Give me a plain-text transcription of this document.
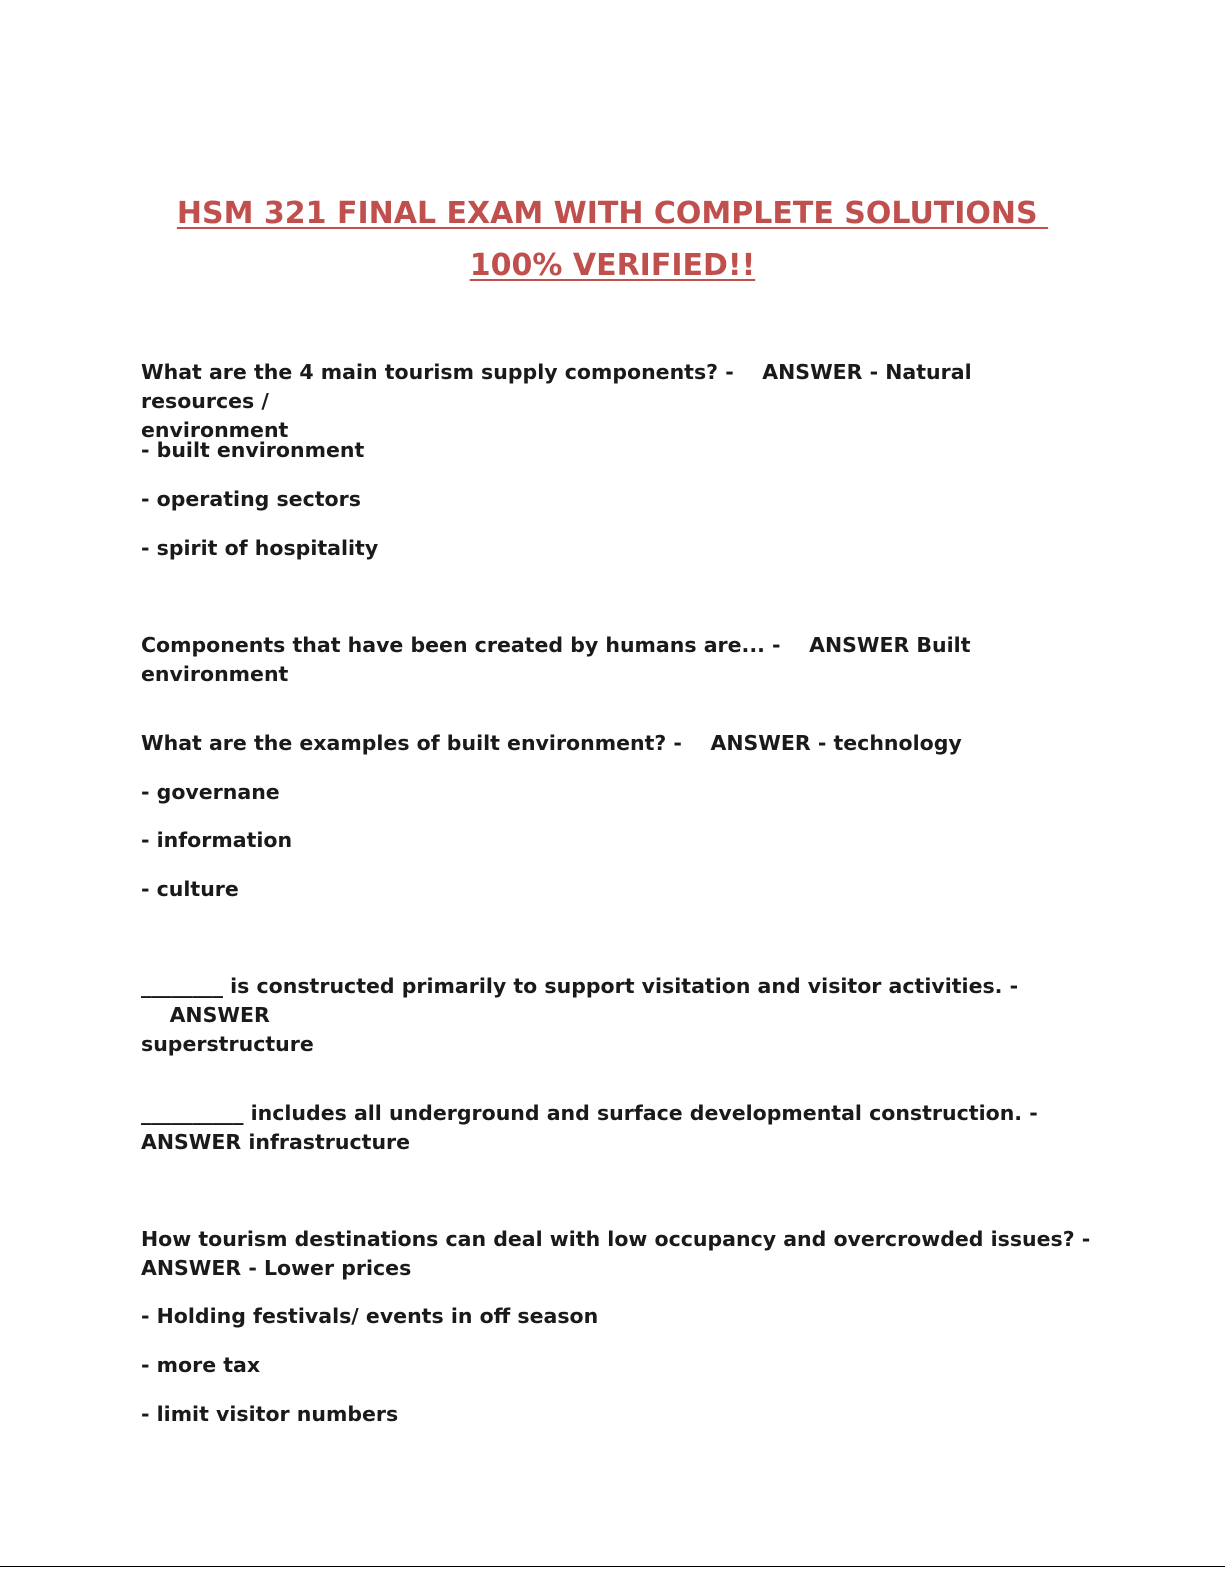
HSM 321 FINAL EXAM WITH COMPLETE SOLUTIONS
100% VERIFIED!!
What are the 4 main tourism supply components? - ANSWER - Natural resources /
environment
- built environment
- operating sectors
- spirit of hospitality
Components that have been created by humans are... - ANSWER Built environment
What are the examples of built environment? - ANSWER - technology
- governane
- information
- culture
________ is constructed primarily to support visitation and visitor activities. -    ANSWER
superstructure
__________ includes all underground and surface developmental construction. -
ANSWER infrastructure
How tourism destinations can deal with low occupancy and overcrowded issues? -
ANSWER - Lower prices
- Holding festivals/ events in off season
- more tax
- limit visitor numbers
